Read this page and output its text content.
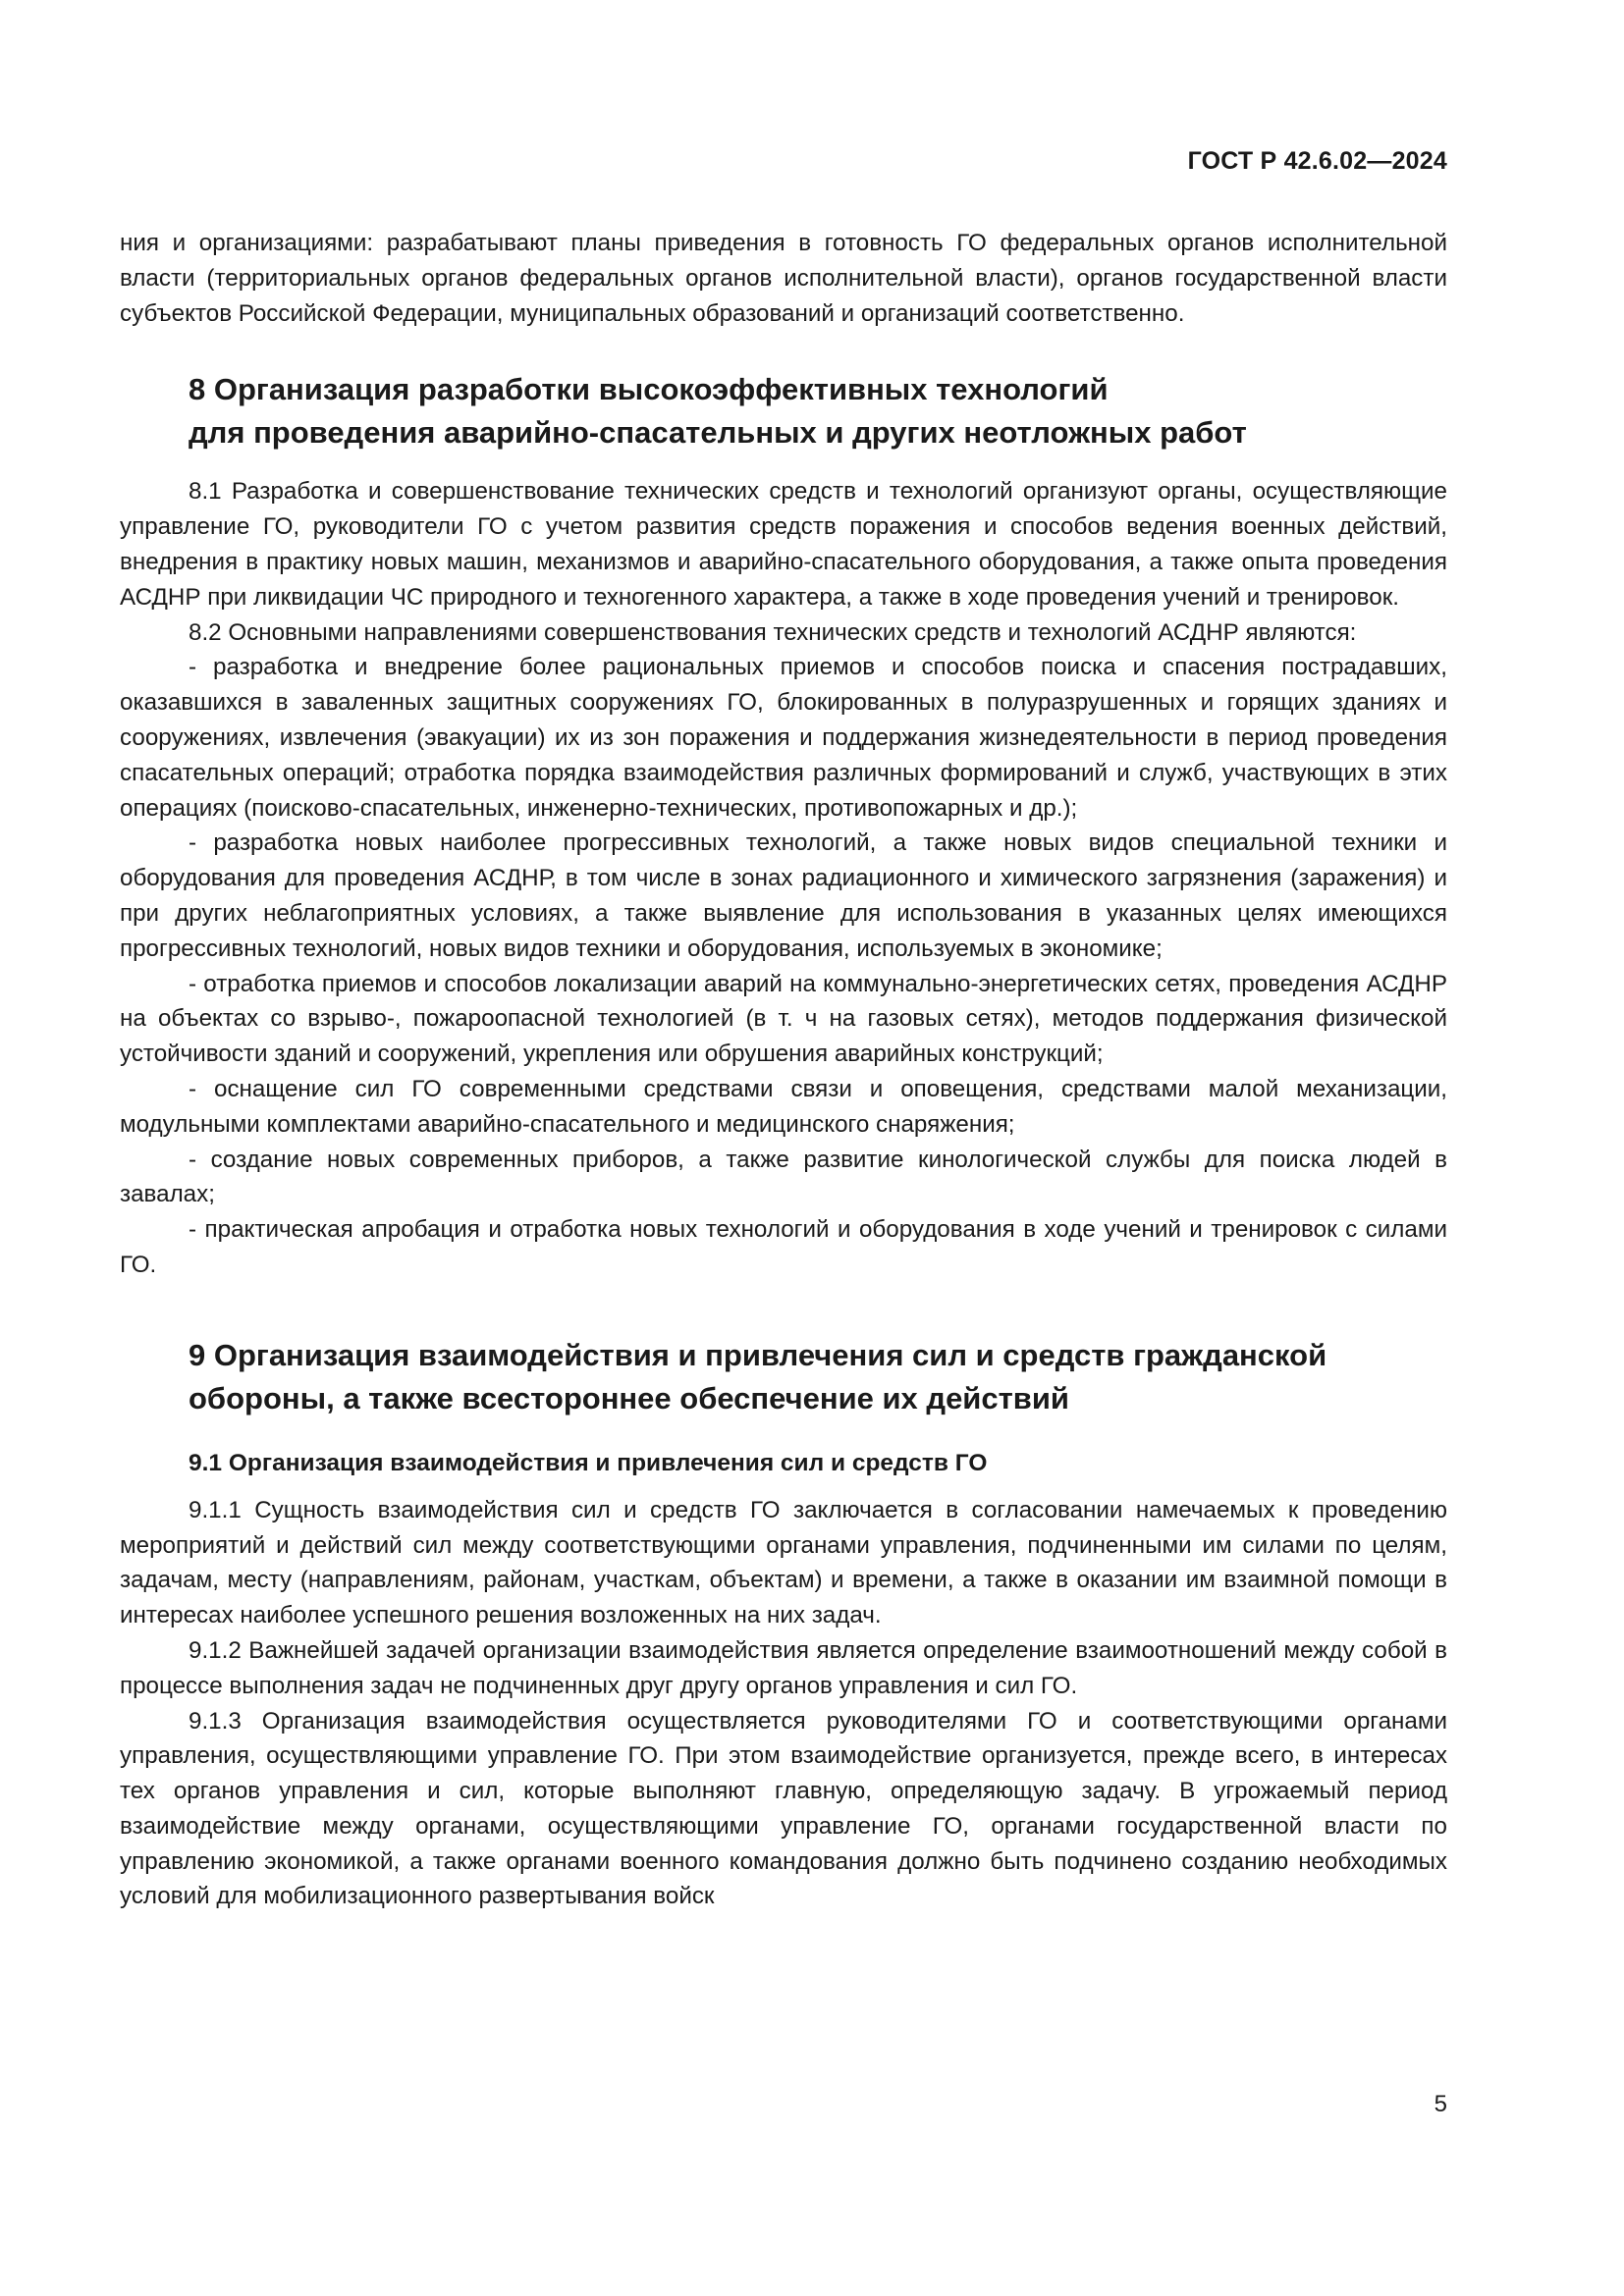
ГОСТ Р 42.6.02—2024

ния и организациями: разрабатывают планы приведения в готовность ГО федеральных органов исполнительной власти (территориальных органов федеральных органов исполнительной власти), органов государственной власти субъектов Российской Федерации, муниципальных образований и организаций соответственно.

8 Организация разработки высокоэффективных технологий
для проведения аварийно-спасательных и других неотложных работ

8.1 Разработка и совершенствование технических средств и технологий организуют органы, осуществляющие управление ГО, руководители ГО с учетом развития средств поражения и способов ведения военных действий, внедрения в практику новых машин, механизмов и аварийно-спасательного оборудования, а также опыта проведения АСДНР при ликвидации ЧС природного и техногенного характера, а также в ходе проведения учений и тренировок.

8.2 Основными направлениями совершенствования технических средств и технологий АСДНР являются:

- разработка и внедрение более рациональных приемов и способов поиска и спасения пострадавших, оказавшихся в заваленных защитных сооружениях ГО, блокированных в полуразрушенных и горящих зданиях и сооружениях, извлечения (эвакуации) их из зон поражения и поддержания жизнедеятельности в период проведения спасательных операций; отработка порядка взаимодействия различных формирований и служб, участвующих в этих операциях (поисково-спасательных, инженерно-технических, противопожарных и др.);

- разработка новых наиболее прогрессивных технологий, а также новых видов специальной техники и оборудования для проведения АСДНР, в том числе в зонах радиационного и химического загрязнения (заражения) и при других неблагоприятных условиях, а также выявление для использования в указанных целях имеющихся прогрессивных технологий, новых видов техники и оборудования, используемых в экономике;

- отработка приемов и способов локализации аварий на коммунально-энергетических сетях, проведения АСДНР на объектах со взрыво-, пожароопасной технологией (в т. ч на газовых сетях), методов поддержания физической устойчивости зданий и сооружений, укрепления или обрушения аварийных конструкций;

- оснащение сил ГО современными средствами связи и оповещения, средствами малой механизации, модульными комплектами аварийно-спасательного и медицинского снаряжения;

- создание новых современных приборов, а также развитие кинологической службы для поиска людей в завалах;

- практическая апробация и отработка новых технологий и оборудования в ходе учений и тренировок с силами ГО.

9 Организация взаимодействия и привлечения сил и средств гражданской
обороны, а также всестороннее обеспечение их действий
9.1 Организация взаимодействия и привлечения сил и средств ГО

9.1.1 Сущность взаимодействия сил и средств ГО заключается в согласовании намечаемых к проведению мероприятий и действий сил между соответствующими органами управления, подчиненными им силами по целям, задачам, месту (направлениям, районам, участкам, объектам) и времени, а также в оказании им взаимной помощи в интересах наиболее успешного решения возложенных на них задач.

9.1.2 Важнейшей задачей организации взаимодействия является определение взаимоотношений между собой в процессе выполнения задач не подчиненных друг другу органов управления и сил ГО.

9.1.3 Организация взаимодействия осуществляется руководителями ГО и соответствующими органами управления, осуществляющими управление ГО. При этом взаимодействие организуется, прежде всего, в интересах тех органов управления и сил, которые выполняют главную, определяющую задачу. В угрожаемый период взаимодействие между органами, осуществляющими управление ГО, органами государственной власти по управлению экономикой, а также органами военного командования должно быть подчинено созданию необходимых условий для мобилизационного развертывания войск

5
